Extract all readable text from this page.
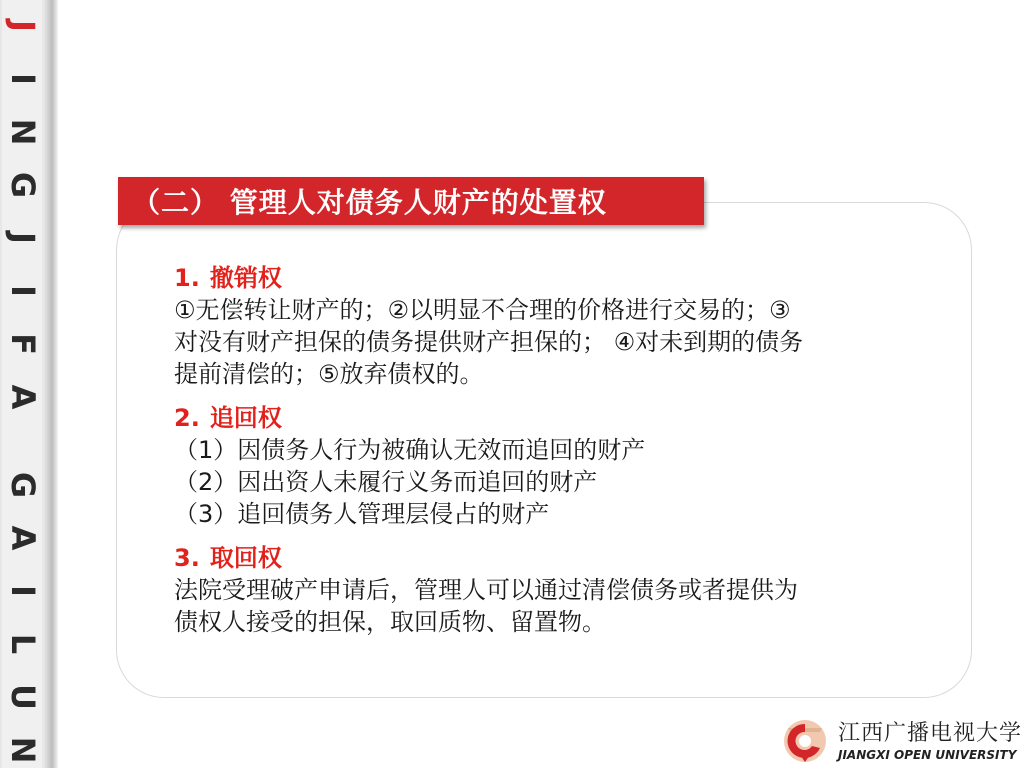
J
I
N
G
J
I
F
A
G
A
I
L
U
N
（二） 管理人对债务人财产的处置权
1. 撤销权
①无偿转让财产的；②以明显不合理的价格进行交易的；③
对没有财产担保的债务提供财产担保的； ④对未到期的债务
提前清偿的；⑤放弃债权的。
2. 追回权
（1）因债务人行为被确认无效而追回的财产
（2）因出资人未履行义务而追回的财产
（3）追回债务人管理层侵占的财产
3. 取回权
法院受理破产申请后，管理人可以通过清偿债务或者提供为
债权人接受的担保，取回质物、留置物。
江西广播电视大学
JIANGXI OPEN UNIVERSITY
